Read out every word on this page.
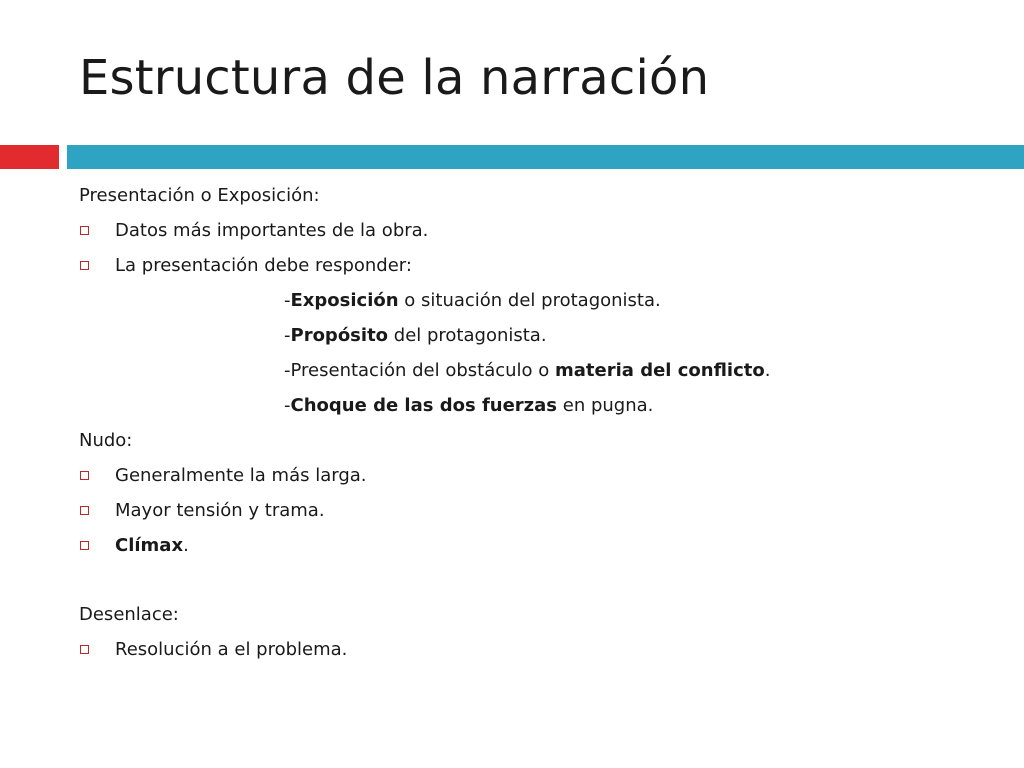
Estructura de la narración
Presentación o Exposición:
Datos más importantes de la obra.
La presentación debe responder:
-Exposición o situación del protagonista.
-Propósito del protagonista.
-Presentación del obstáculo o materia del conflicto.
-Choque de las dos fuerzas en pugna.
Nudo:
Generalmente la más larga.
Mayor tensión y trama.
Clímax.
Desenlace:
Resolución a el problema.
